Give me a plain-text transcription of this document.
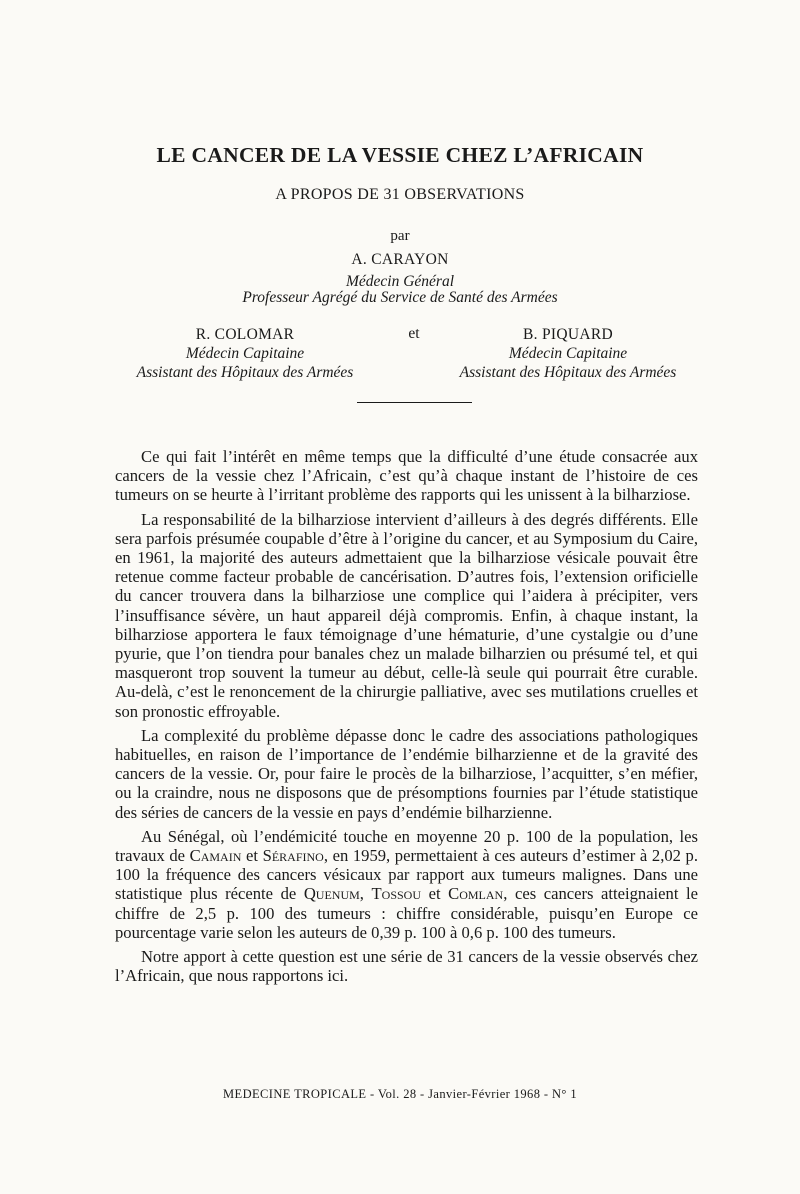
LE CANCER DE LA VESSIE CHEZ L’AFRICAIN
A PROPOS DE 31 OBSERVATIONS
par
A. CARAYON
Médecin Général
Professeur Agrégé du Service de Santé des Armées
R. COLOMAR
Médecin Capitaine
Assistant des Hôpitaux des Armées
et	B. PIQUARD
Médecin Capitaine
Assistant des Hôpitaux des Armées

Ce qui fait l’intérêt en même temps que la difficulté d’une étude consacrée aux cancers de la vessie chez l’Africain, c’est qu’à chaque instant de l’histoire de ces tumeurs on se heurte à l’irritant problème des rapports qui les unissent à la bilharziose.

La responsabilité de la bilharziose intervient d’ailleurs à des degrés différents. Elle sera parfois présumée coupable d’être à l’origine du cancer, et au Symposium du Caire, en 1961, la majorité des auteurs admettaient que la bilharziose vésicale pouvait être retenue comme facteur probable de cancérisation. D’autres fois, l’extension orificielle du cancer trouvera dans la bilharziose une complice qui l’aidera à précipiter, vers l’insuffisance sévère, un haut appareil déjà compromis. Enfin, à chaque instant, la bilharziose apportera le faux témoignage d’une hématurie, d’une cystalgie ou d’une pyurie, que l’on tiendra pour banales chez un malade bilharzien ou présumé tel, et qui masqueront trop souvent la tumeur au début, celle-là seule qui pourrait être curable. Au-delà, c’est le renoncement de la chirurgie palliative, avec ses mutilations cruelles et son pronostic effroyable.

La complexité du problème dépasse donc le cadre des associations pathologiques habituelles, en raison de l’importance de l’endémie bilharzienne et de la gravité des cancers de la vessie. Or, pour faire le procès de la bilharziose, l’acquitter, s’en méfier, ou la craindre, nous ne disposons que de présomptions fournies par l’étude statistique des séries de cancers de la vessie en pays d’endémie bilharzienne.

Au Sénégal, où l’endémicité touche en moyenne 20 p. 100 de la population, les travaux de Camain et Sérafino, en 1959, permettaient à ces auteurs d’estimer à 2,02 p. 100 la fréquence des cancers vésicaux par rapport aux tumeurs malignes. Dans une statistique plus récente de Quenum, Tossou et Comlan, ces cancers atteignaient le chiffre de 2,5 p. 100 des tumeurs : chiffre considérable, puisqu’en Europe ce pourcentage varie selon les auteurs de 0,39 p. 100 à 0,6 p. 100 des tumeurs.

Notre apport à cette question est une série de 31 cancers de la vessie observés chez l’Africain, que nous rapportons ici.

MEDECINE TROPICALE - Vol. 28 - Janvier-Février 1968 - N° 1
